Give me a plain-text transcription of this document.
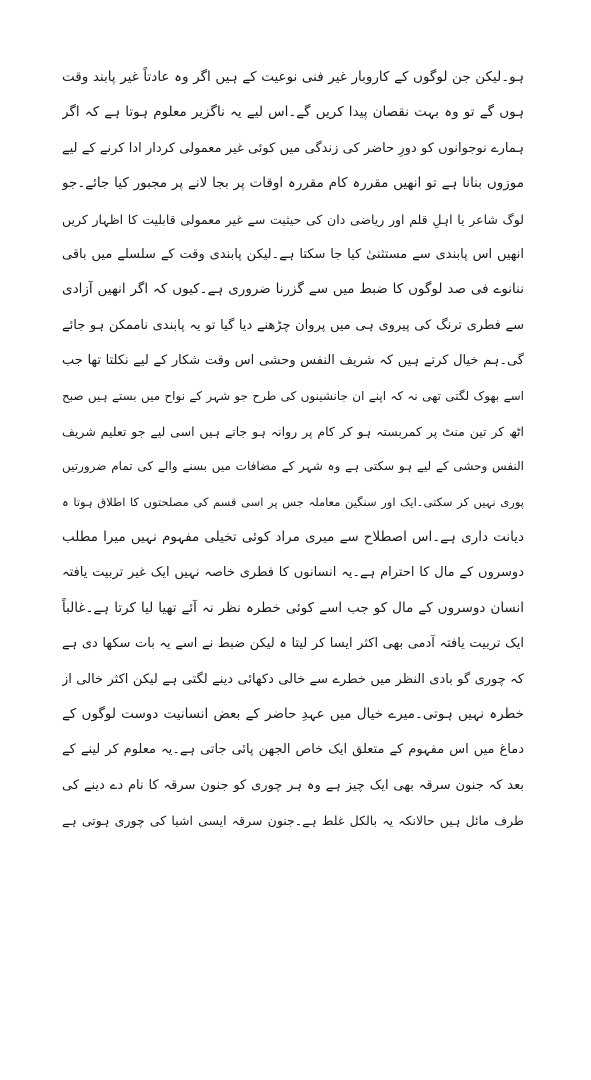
ہو۔لیکن جن لوگوں کے کاروبار غیر فنی نوعیت کے ہیں اگر وہ عادتاً غیر پابند وقت
ہوں گے تو وہ بہت نقصان پیدا کریں گے۔اس لیے یہ ناگزیر معلوم ہوتا ہے کہ اگر
ہمارے نوجوانوں کو دورِ حاضر کی زندگی میں کوئی غیر معمولی کردار ادا کرنے کے لیے
موزوں بنانا ہے تو انھیں مقررہ کام مقررہ اوقات پر بجا لانے پر مجبور کیا جائے۔جو
لوگ شاعر یا اہلِ قلم اور ریاضی دان کی حیثیت سے غیر معمولی قابلیت کا اظہار کریں
انھیں اس پابندی سے مستثنیٰ کیا جا سکتا ہے۔لیکن پابندی وقت کے سلسلے میں باقی
ننانوے فی صد لوگوں کا ضبط میں سے گزرنا ضروری ہے۔کیوں کہ اگر انھیں آزادی
سے فطری ترنگ کی پیروی ہی میں پروان چڑھنے دیا گیا تو یہ پابندی ناممکن ہو جائے
گی۔ہم خیال کرتے ہیں کہ شریف النفس وحشی اس وقت شکار کے لیے نکلتا تھا جب
اسے بھوک لگتی تھی نہ کہ اپنے ان جانشینوں کی طرح جو شہر کے نواح میں بستے ہیں صبح
اٹھ کر تین منٹ پر کمربستہ ہو کر کام پر روانہ ہو جاتے ہیں اسی لیے جو تعلیم شریف
النفس وحشی کے لیے ہو سکتی ہے وہ شہر کے مضافات میں بسنے والے کی تمام ضرورتیں
پوری نہیں کر سکتی۔ایک اور سنگین معاملہ جس پر اسی قسم کی مصلحتوں کا اطلاق ہوتا ہ
دیانت داری ہے۔اس اصطلاح سے میری مراد کوئی تخیلی مفہوم نہیں میرا مطلب
دوسروں کے مال کا احترام ہے۔یہ انسانوں کا فطری خاصہ نہیں ایک غیر تربیت یافتہ
انسان دوسروں کے مال کو جب اسے کوئی خطرہ نظر نہ آئے تھیا لیا کرتا ہے۔غالباً
ایک تربیت یافتہ آدمی بھی اکثر ایسا کر لیتا ہ لیکن ضبط نے اسے یہ بات سکھا دی ہے
کہ چوری گو بادی النظر میں خطرے سے خالی دکھائی دینے لگتی ہے لیکن اکثر خالی از
خطرہ نہیں ہوتی۔میرے خیال میں عہدِ حاضر کے بعض انسانیت دوست لوگوں کے
دماغ میں اس مفہوم کے متعلق ایک خاص الجھن پائی جاتی ہے۔یہ معلوم کر لینے کے
بعد کہ جنون سرقہ بھی ایک چیز ہے وہ ہر چوری کو جنون سرقہ کا نام دے دینے کی
طرف مائل ہیں حالانکہ یہ بالکل غلط ہے۔جنون سرقہ ایسی اشیا کی چوری ہوتی ہے
